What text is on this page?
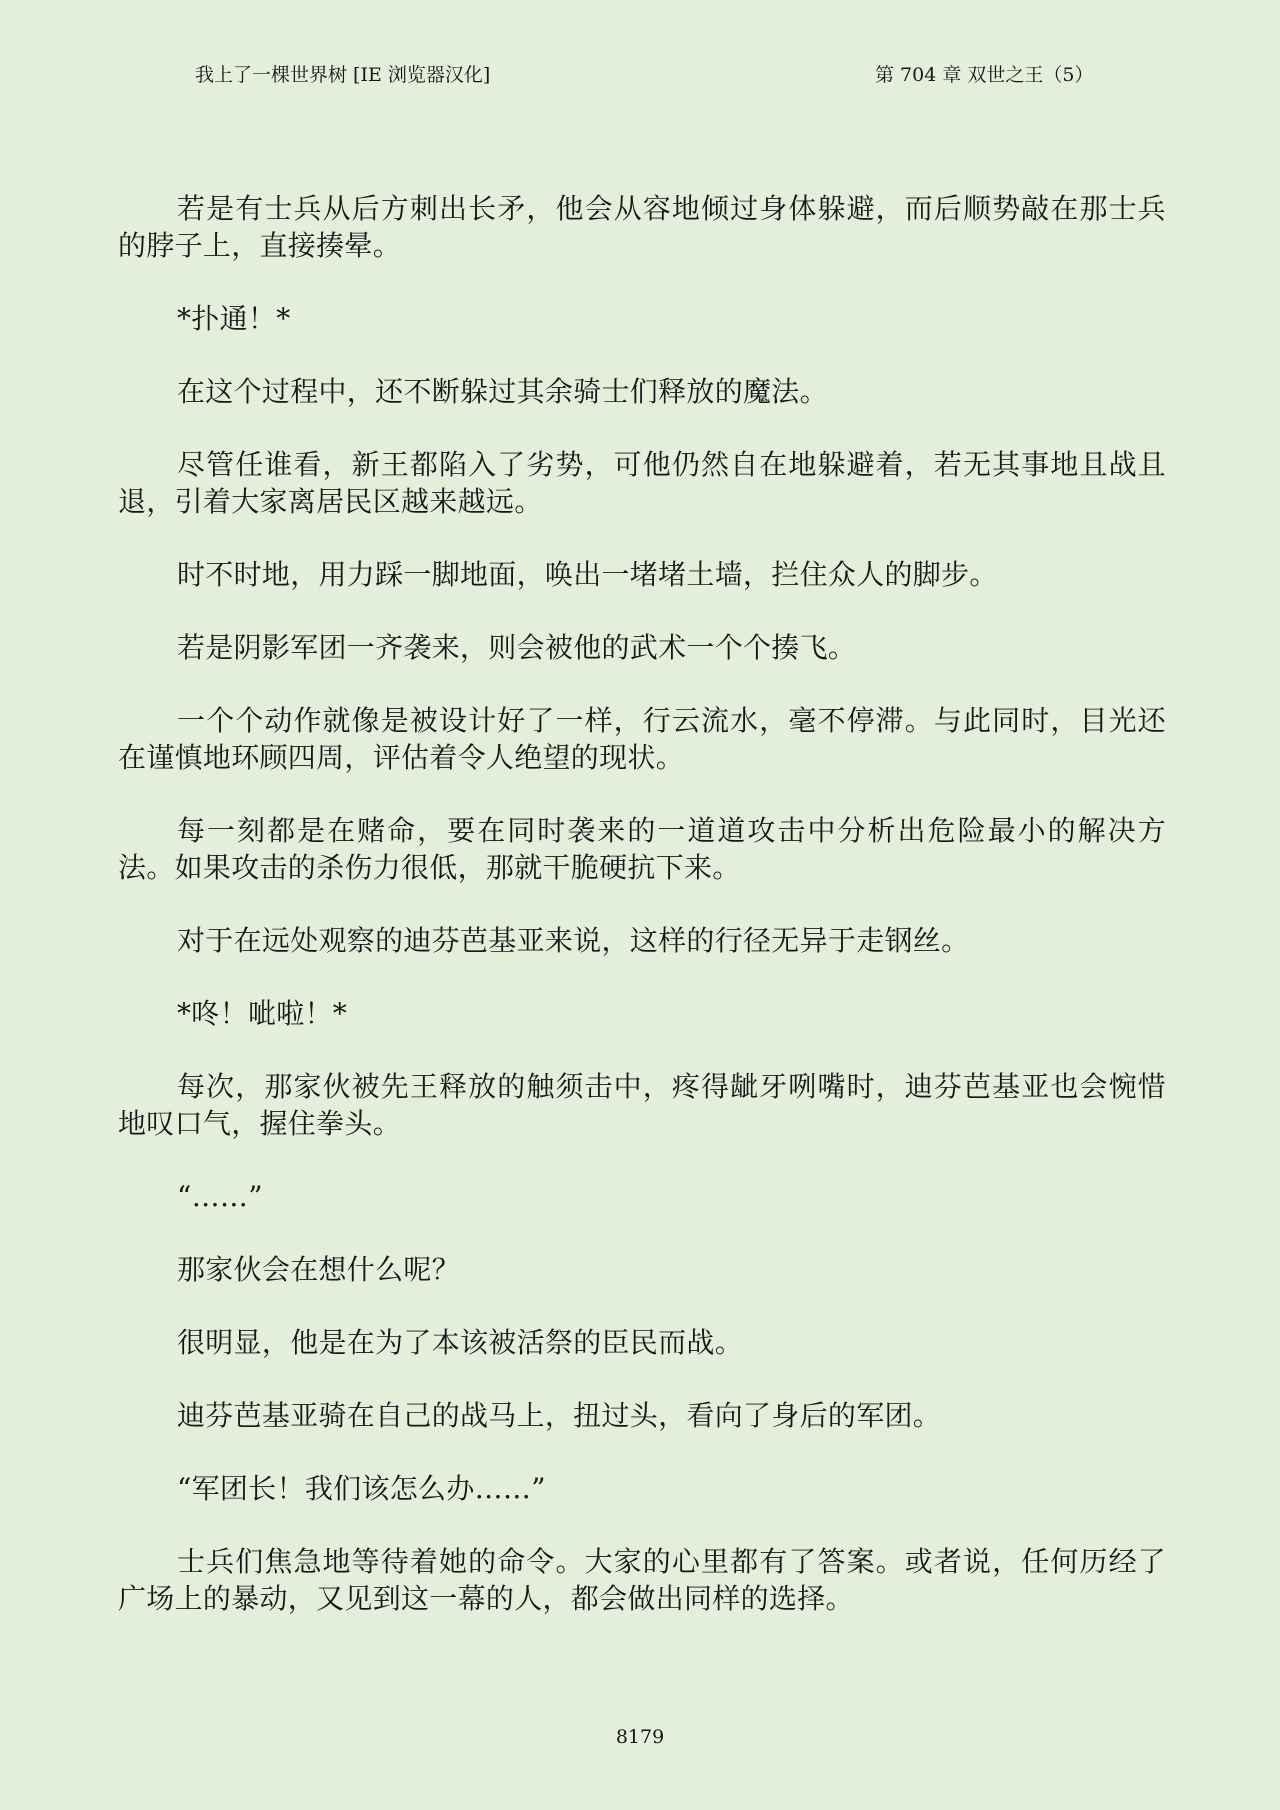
我上了一棵世界树 [IE 浏览器汉化]	第 704 章 双世之王（5）

若是有士兵从后方刺出长矛，他会从容地倾过身体躲避，而后顺势敲在那士兵的脖子上，直接揍晕。

*扑通！*

在这个过程中，还不断躲过其余骑士们释放的魔法。

尽管任谁看，新王都陷入了劣势，可他仍然自在地躲避着，若无其事地且战且退，引着大家离居民区越来越远。

时不时地，用力踩一脚地面，唤出一堵堵土墙，拦住众人的脚步。

若是阴影军团一齐袭来，则会被他的武术一个个揍飞。

一个个动作就像是被设计好了一样，行云流水，毫不停滞。与此同时，目光还在谨慎地环顾四周，评估着令人绝望的现状。

每一刻都是在赌命，要在同时袭来的一道道攻击中分析出危险最小的解决方法。如果攻击的杀伤力很低，那就干脆硬抗下来。

对于在远处观察的迪芬芭基亚来说，这样的行径无异于走钢丝。

*咚！呲啦！*

每次，那家伙被先王释放的触须击中，疼得龇牙咧嘴时，迪芬芭基亚也会惋惜地叹口气，握住拳头。

“……”

那家伙会在想什么呢？

很明显，他是在为了本该被活祭的臣民而战。

迪芬芭基亚骑在自己的战马上，扭过头，看向了身后的军团。

“军团长！我们该怎么办……”

士兵们焦急地等待着她的命令。大家的心里都有了答案。或者说，任何历经了广场上的暴动，又见到这一幕的人，都会做出同样的选择。

8179
